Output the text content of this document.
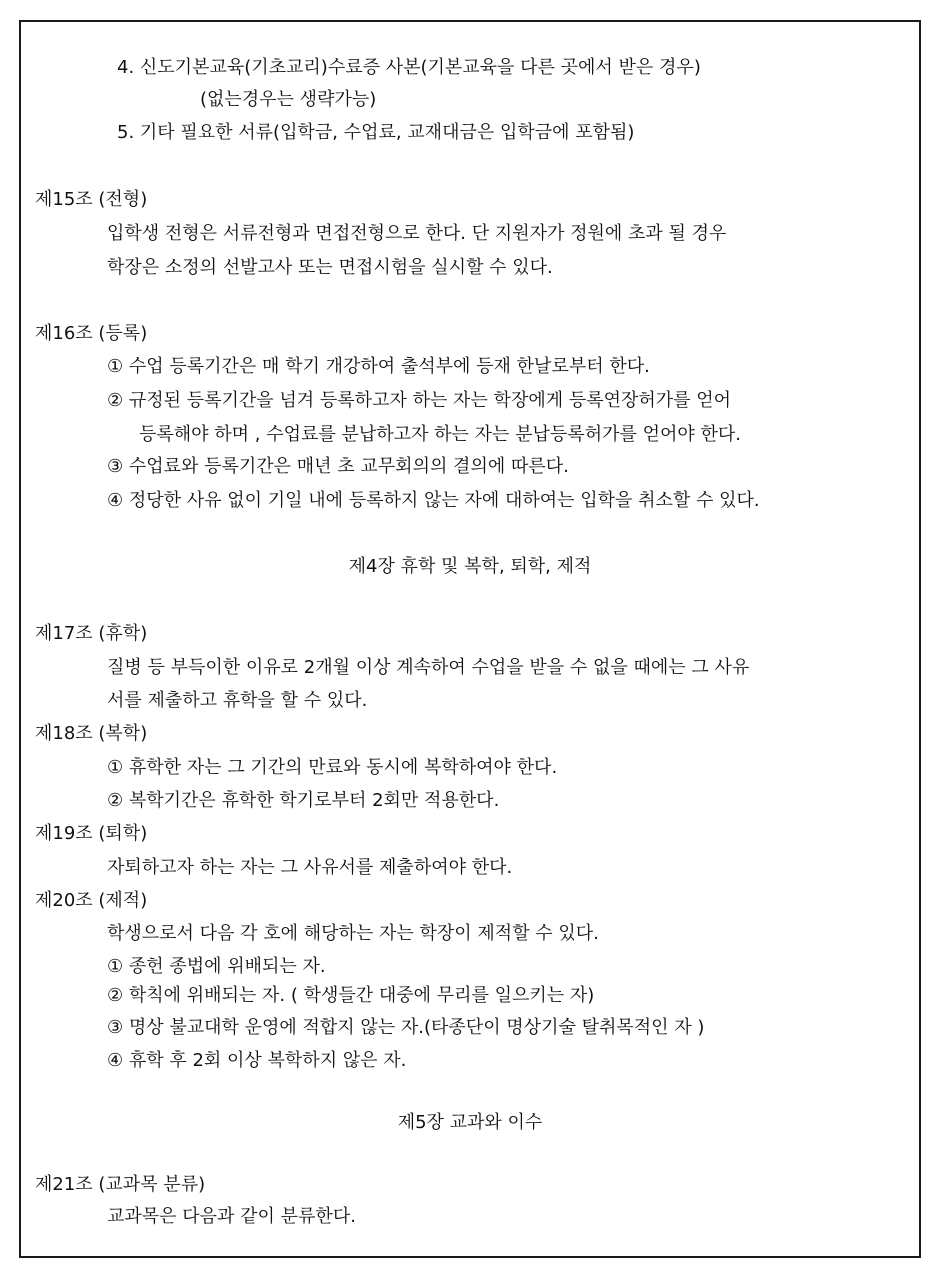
4. 신도기본교육(기초교리)수료증 사본(기본교육을 다른 곳에서 받은 경우)
(없는경우는 생략가능)
5. 기타 필요한 서류(입학금, 수업료, 교재대금은 입학금에 포함됨)
제15조 (전형)
입학생 전형은 서류전형과 면접전형으로 한다. 단 지원자가 정원에 초과 될 경우
학장은 소정의 선발고사 또는 면접시험을 실시할 수 있다.
제16조 (등록)
① 수업 등록기간은 매 학기 개강하여 출석부에 등재 한날로부터 한다.
② 규정된 등록기간을 넘겨 등록하고자 하는 자는 학장에게 등록연장허가를 얻어
등록해야 하며 , 수업료를 분납하고자 하는 자는 분납등록허가를 얻어야 한다.
③ 수업료와 등록기간은 매년 초 교무회의의 결의에 따른다.
④ 정당한 사유 없이 기일 내에 등록하지 않는 자에 대하여는 입학을 취소할 수 있다.
제4장 휴학 및 복학, 퇴학, 제적
제17조 (휴학)
질병 등 부득이한 이유로 2개월 이상 계속하여 수업을 받을 수 없을 때에는 그 사유
서를 제출하고 휴학을 할 수 있다.
제18조 (복학)
① 휴학한 자는 그 기간의 만료와 동시에 복학하여야 한다.
② 복학기간은 휴학한 학기로부터 2회만 적용한다.
제19조 (퇴학)
자퇴하고자 하는 자는 그 사유서를 제출하여야 한다.
제20조 (제적)
학생으로서 다음 각 호에 해당하는 자는 학장이 제적할 수 있다.
① 종헌 종법에 위배되는 자.
② 학칙에 위배되는 자. ( 학생들간 대중에 무리를 일으키는 자)
③ 명상 불교대학 운영에 적합지 않는 자.(타종단이 명상기술 탈취목적인 자 )
④ 휴학 후 2회 이상 복학하지 않은 자.
제5장 교과와 이수
제21조 (교과목 분류)
교과목은 다음과 같이 분류한다.
